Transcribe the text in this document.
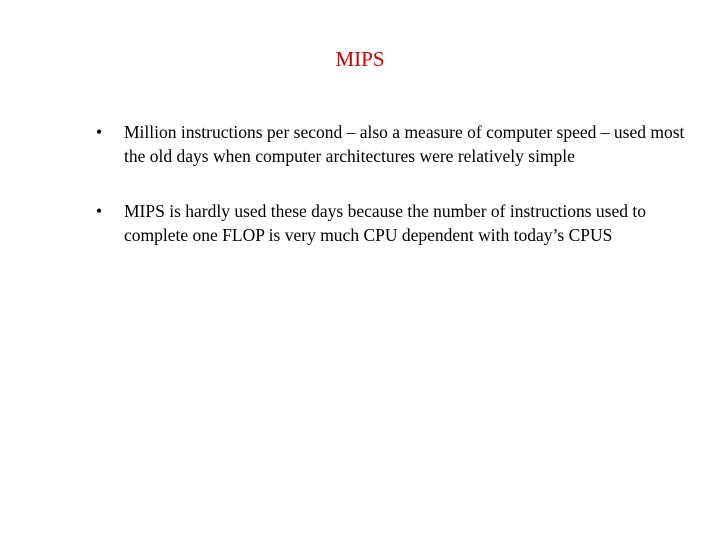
MIPS
• Million instructions per second – also a measure of computer speed – used most the old days when computer architectures were relatively simple
• MIPS is hardly used these days because the number of instructions used to complete one FLOP is very much CPU dependent with today’s CPUS
